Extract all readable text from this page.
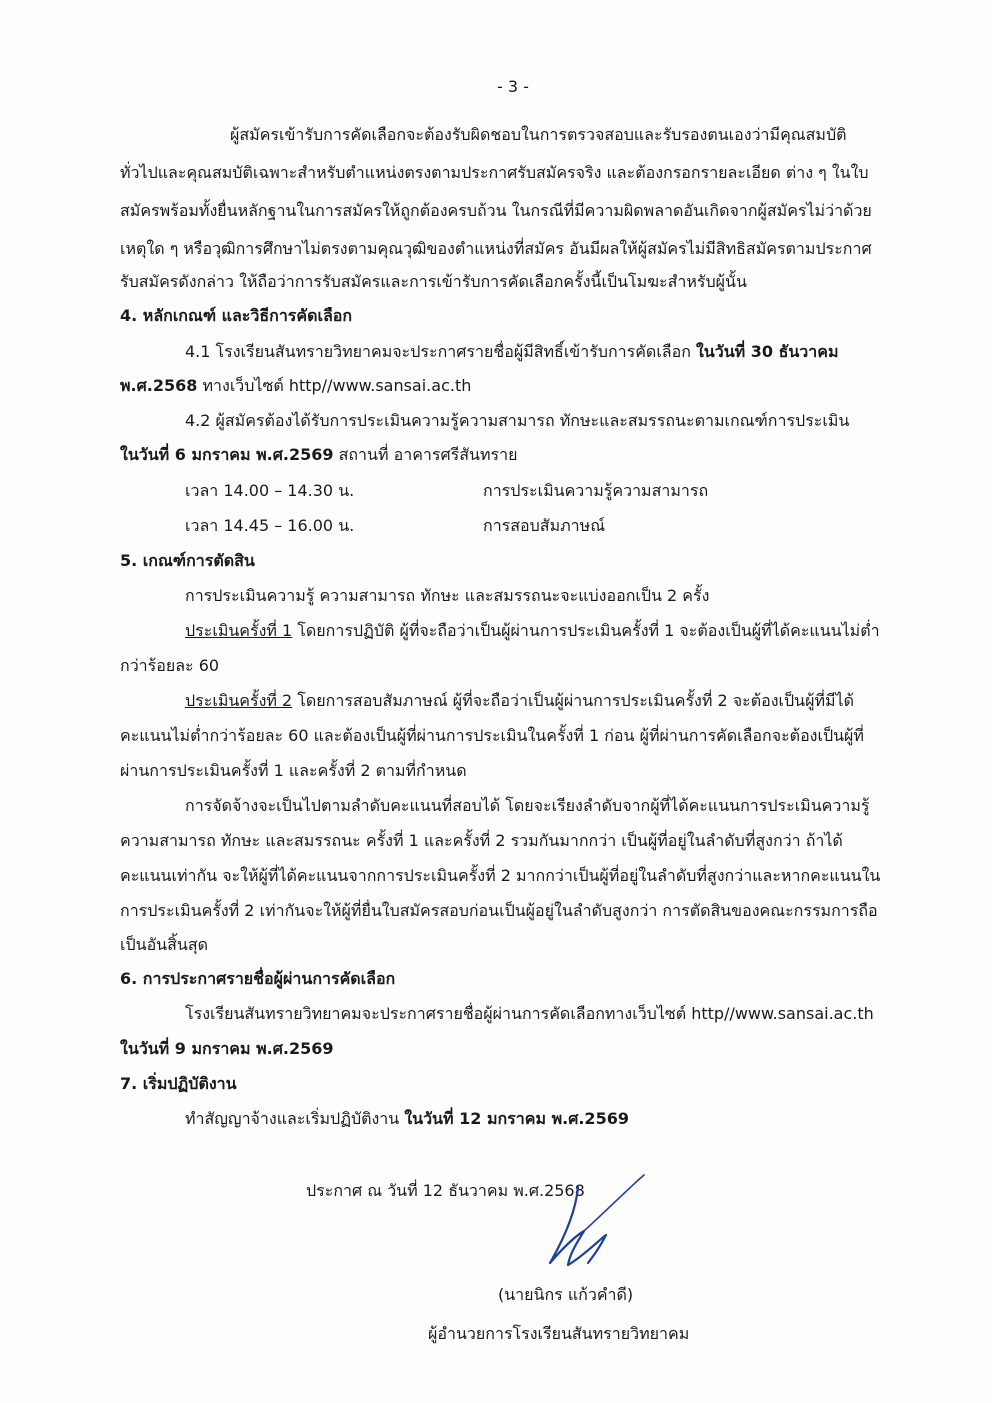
- 3 -
ผู้สมัครเข้ารับการคัดเลือกจะต้องรับผิดชอบในการตรวจสอบและรับรองตนเองว่ามีคุณสมบัติ
ทั่วไปและคุณสมบัติเฉพาะสำหรับตำแหน่งตรงตามประกาศรับสมัครจริง และต้องกรอกรายละเอียด ต่าง ๆ ในใบ
สมัครพร้อมทั้งยื่นหลักฐานในการสมัครให้ถูกต้องครบถ้วน ในกรณีที่มีความผิดพลาดอันเกิดจากผู้สมัครไม่ว่าด้วย
เหตุใด ๆ หรือวุฒิการศึกษาไม่ตรงตามคุณวุฒิของตำแหน่งที่สมัคร อันมีผลให้ผู้สมัครไม่มีสิทธิสมัครตามประกาศ
รับสมัครดังกล่าว ให้ถือว่าการรับสมัครและการเข้ารับการคัดเลือกครั้งนี้เป็นโมฆะสำหรับผู้นั้น
4. หลักเกณฑ์ และวิธีการคัดเลือก
4.1 โรงเรียนสันทรายวิทยาคมจะประกาศรายชื่อผู้มีสิทธิ์เข้ารับการคัดเลือก ในวันที่ 30 ธันวาคม
พ.ศ.2568 ทางเว็บไซต์ http//www.sansai.ac.th
4.2 ผู้สมัครต้องได้รับการประเมินความรู้ความสามารถ ทักษะและสมรรถนะตามเกณฑ์การประเมิน
ในวันที่ 6 มกราคม พ.ศ.2569 สถานที่ อาคารศรีสันทราย
เวลา 14.00 – 14.30 น.	การประเมินความรู้ความสามารถ
เวลา 14.45 – 16.00 น.	การสอบสัมภาษณ์
5. เกณฑ์การตัดสิน
การประเมินความรู้ ความสามารถ ทักษะ และสมรรถนะจะแบ่งออกเป็น 2 ครั้ง
ประเมินครั้งที่ 1 โดยการปฏิบัติ ผู้ที่จะถือว่าเป็นผู้ผ่านการประเมินครั้งที่ 1 จะต้องเป็นผู้ที่ได้คะแนนไม่ต่ำ
กว่าร้อยละ 60
ประเมินครั้งที่ 2 โดยการสอบสัมภาษณ์ ผู้ที่จะถือว่าเป็นผู้ผ่านการประเมินครั้งที่ 2 จะต้องเป็นผู้ที่มีได้
คะแนนไม่ต่ำกว่าร้อยละ 60 และต้องเป็นผู้ที่ผ่านการประเมินในครั้งที่ 1 ก่อน ผู้ที่ผ่านการคัดเลือกจะต้องเป็นผู้ที่
ผ่านการประเมินครั้งที่ 1 และครั้งที่ 2 ตามที่กำหนด
การจัดจ้างจะเป็นไปตามลำดับคะแนนที่สอบได้ โดยจะเรียงลำดับจากผู้ที่ได้คะแนนการประเมินความรู้
ความสามารถ ทักษะ และสมรรถนะ ครั้งที่ 1 และครั้งที่ 2 รวมกันมากกว่า เป็นผู้ที่อยู่ในลำดับที่สูงกว่า ถ้าได้
คะแนนเท่ากัน จะให้ผู้ที่ได้คะแนนจากการประเมินครั้งที่ 2 มากกว่าเป็นผู้ที่อยู่ในลำดับที่สูงกว่าและหากคะแนนใน
การประเมินครั้งที่ 2 เท่ากันจะให้ผู้ที่ยื่นใบสมัครสอบก่อนเป็นผู้อยู่ในลำดับสูงกว่า การตัดสินของคณะกรรมการถือ
เป็นอันสิ้นสุด
6. การประกาศรายชื่อผู้ผ่านการคัดเลือก
โรงเรียนสันทรายวิทยาคมจะประกาศรายชื่อผู้ผ่านการคัดเลือกทางเว็บไซต์ http//www.sansai.ac.th
ในวันที่ 9 มกราคม พ.ศ.2569
7. เริ่มปฏิบัติงาน
ทำสัญญาจ้างและเริ่มปฏิบัติงาน ในวันที่ 12 มกราคม พ.ศ.2569
ประกาศ ณ วันที่ 12 ธันวาคม พ.ศ.2568
(นายนิกร แก้วคำดี)
ผู้อำนวยการโรงเรียนสันทรายวิทยาคม
